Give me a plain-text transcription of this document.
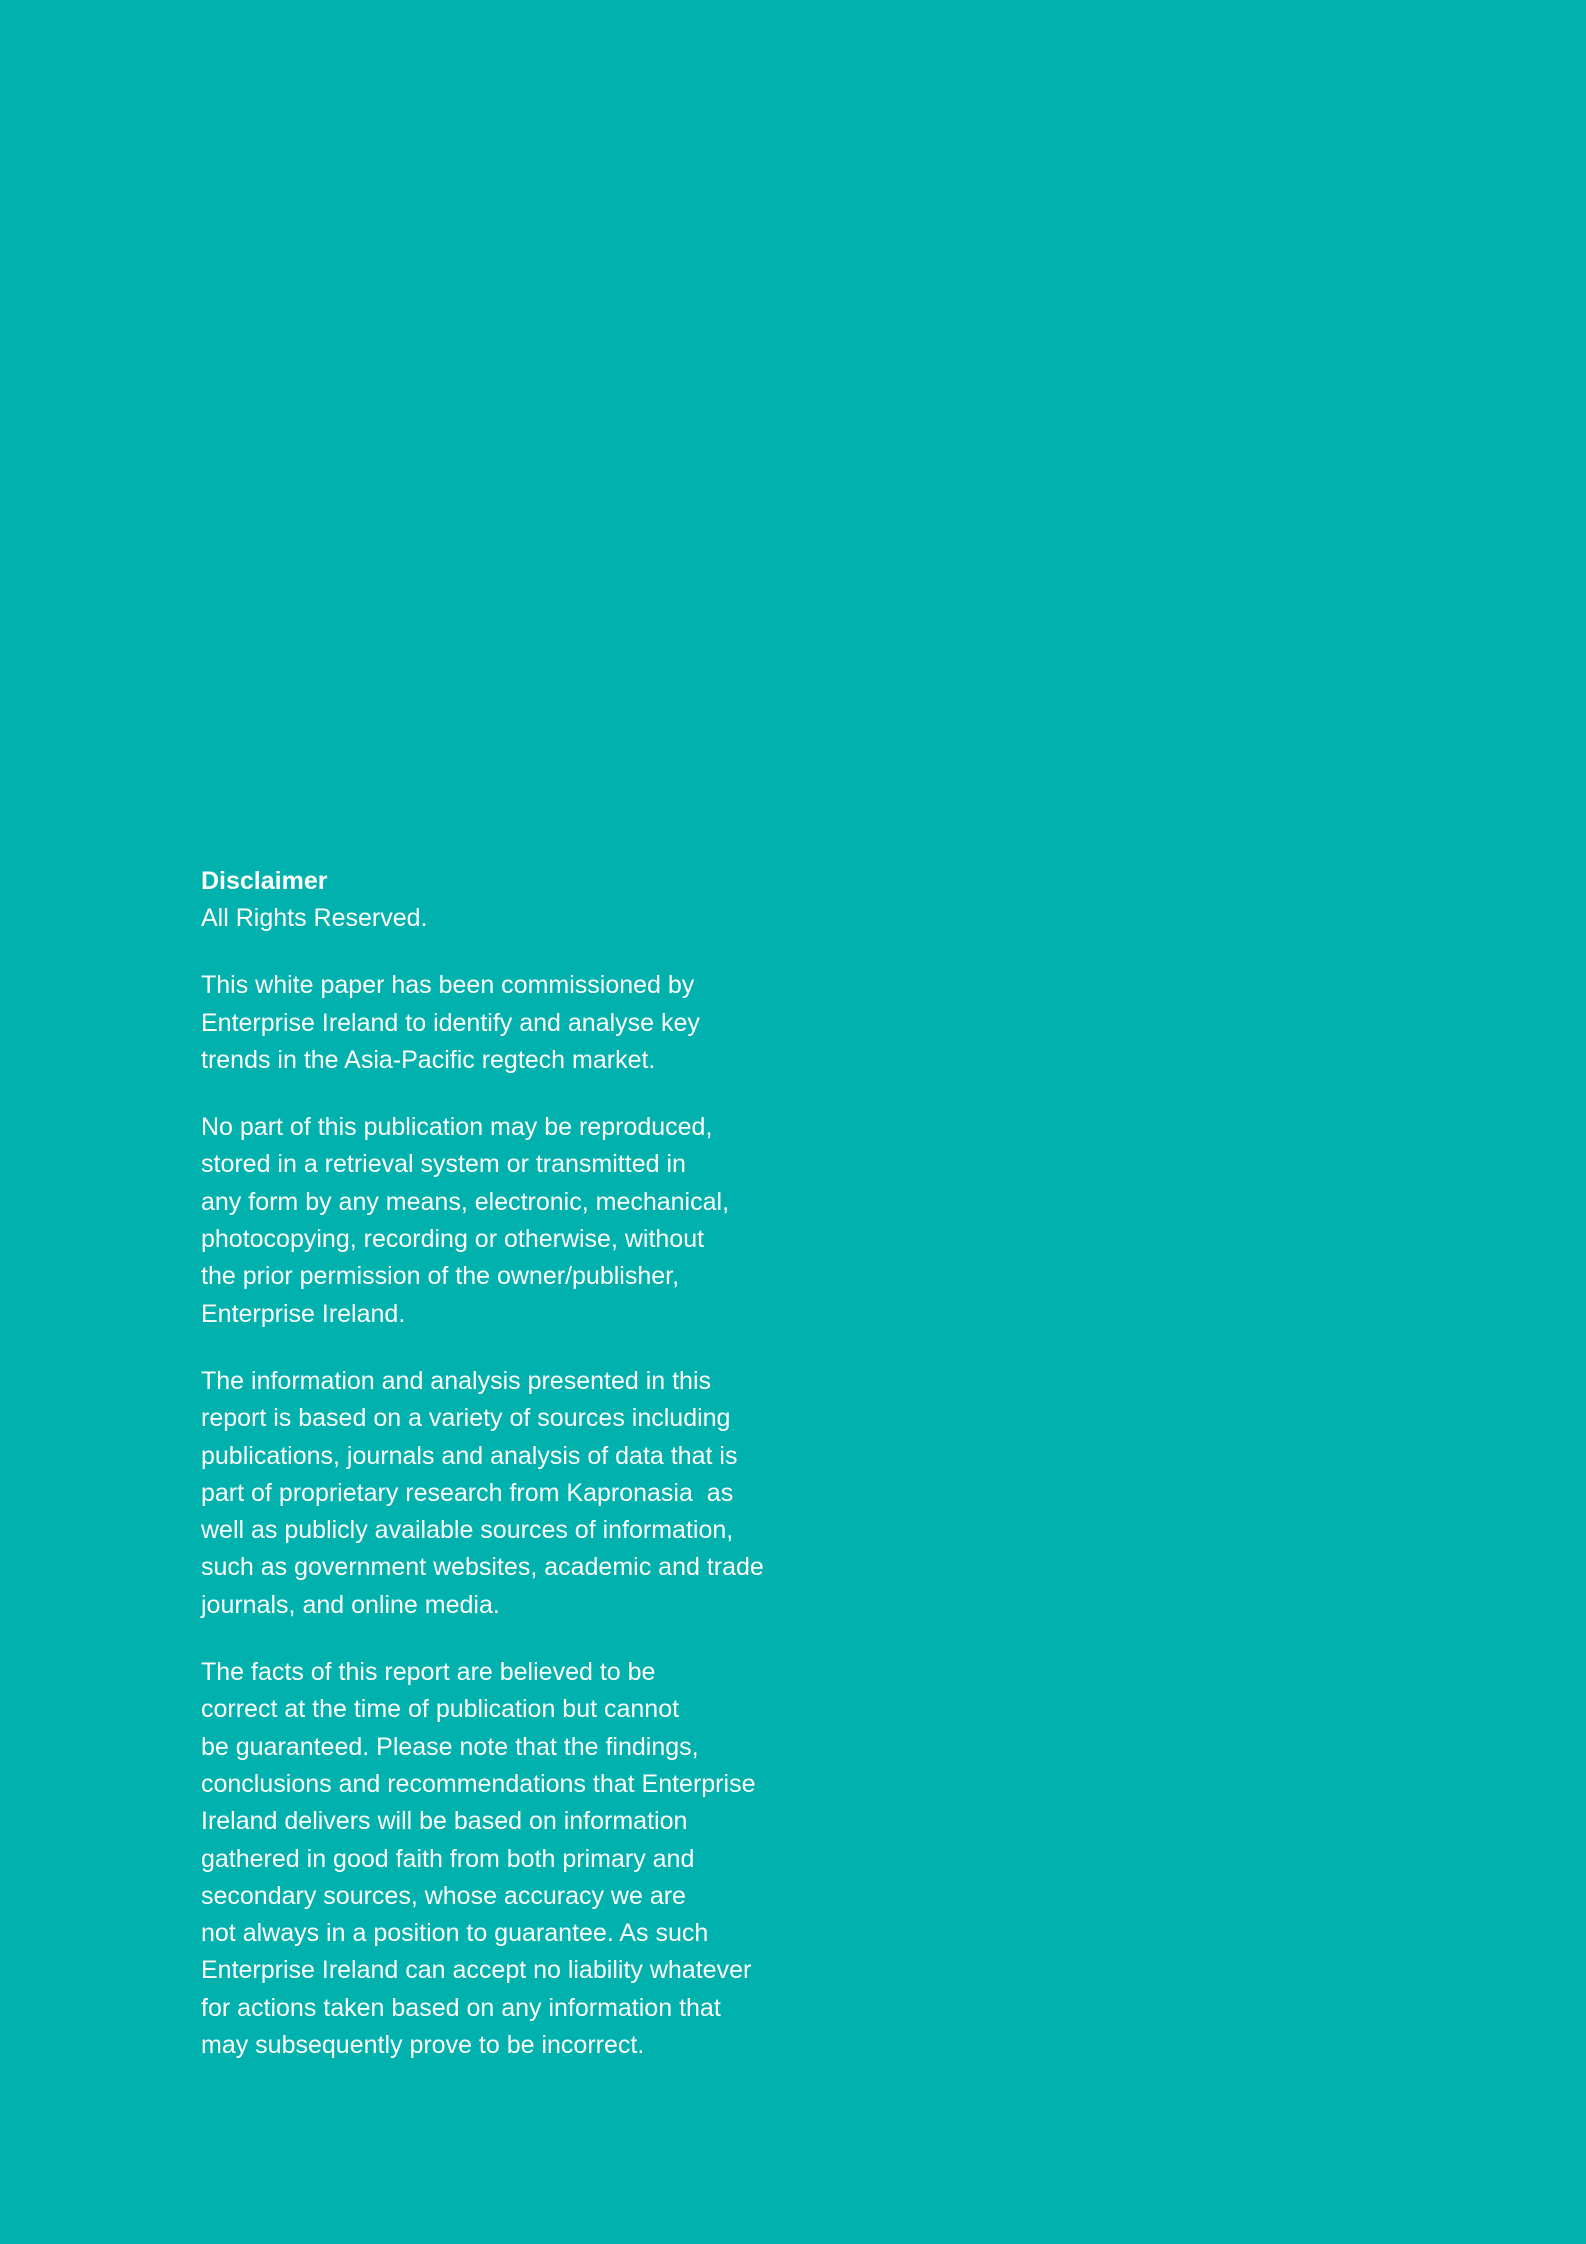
Disclaimer

All Rights Reserved.
This white paper has been commissioned by
Enterprise Ireland to identify and analyse key
trends in the Asia-Pacific regtech market.
No part of this publication may be reproduced,
stored in a retrieval system or transmitted in
any form by any means, electronic, mechanical,
photocopying, recording or otherwise, without
the prior permission of the owner/publisher,
Enterprise Ireland.
The information and analysis presented in this
report is based on a variety of sources including
publications, journals and analysis of data that is
part of proprietary research from Kapronasia  as
well as publicly available sources of information,
such as government websites, academic and trade
journals, and online media.
The facts of this report are believed to be
correct at the time of publication but cannot
be guaranteed. Please note that the findings,
conclusions and recommendations that Enterprise
Ireland delivers will be based on information
gathered in good faith from both primary and
secondary sources, whose accuracy we are
not always in a position to guarantee. As such
Enterprise Ireland can accept no liability whatever
for actions taken based on any information that
may subsequently prove to be incorrect.
